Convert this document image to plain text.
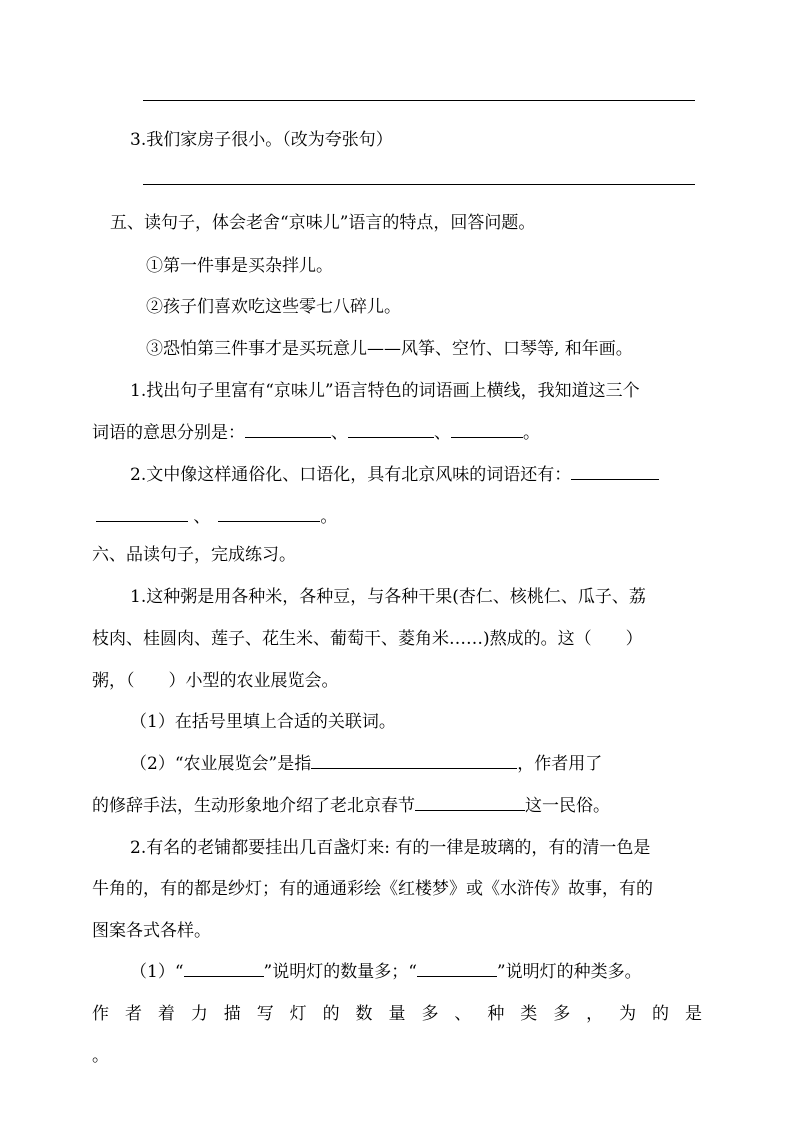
3.我们家房子很小。（改为夸张句）
五、读句子，体会老舍“京味儿”语言的特点，回答问题。
①第一件事是买杂拌儿。
②孩子们喜欢吃这些零七八碎儿。
③恐怕第三件事才是买玩意儿——风筝、空竹、口琴等, 和年画。
1.找出句子里富有“京味儿”语言特色的词语画上横线，我知道这三个
词语的意思分别是：	、	、	。
2.文中像这样通俗化、口语化，具有北京风味的词语还有：
、	。
六、品读句子，完成练习。
1.这种粥是用各种米，各种豆，与各种干果(杏仁、核桃仁、瓜子、荔
枝肉、桂圆肉、莲子、花生米、葡萄干、菱角米……)熬成的。这（　　）
粥，（　　）小型的农业展览会。
（1）在括号里填上合适的关联词。
（2）“农业展览会”是指	，作者用了
的修辞手法，生动形象地介绍了老北京春节	这一民俗。
2.有名的老铺都要挂出几百盏灯来: 有的一律是玻璃的，有的清一色是
牛角的，有的都是纱灯；有的通通彩绘《红楼梦》或《水浒传》故事，有的
图案各式各样。
（1）“	”说明灯的数量多；“	”说明灯的种类多。
作者着力描写灯的数量多、种类多，为的是
。
